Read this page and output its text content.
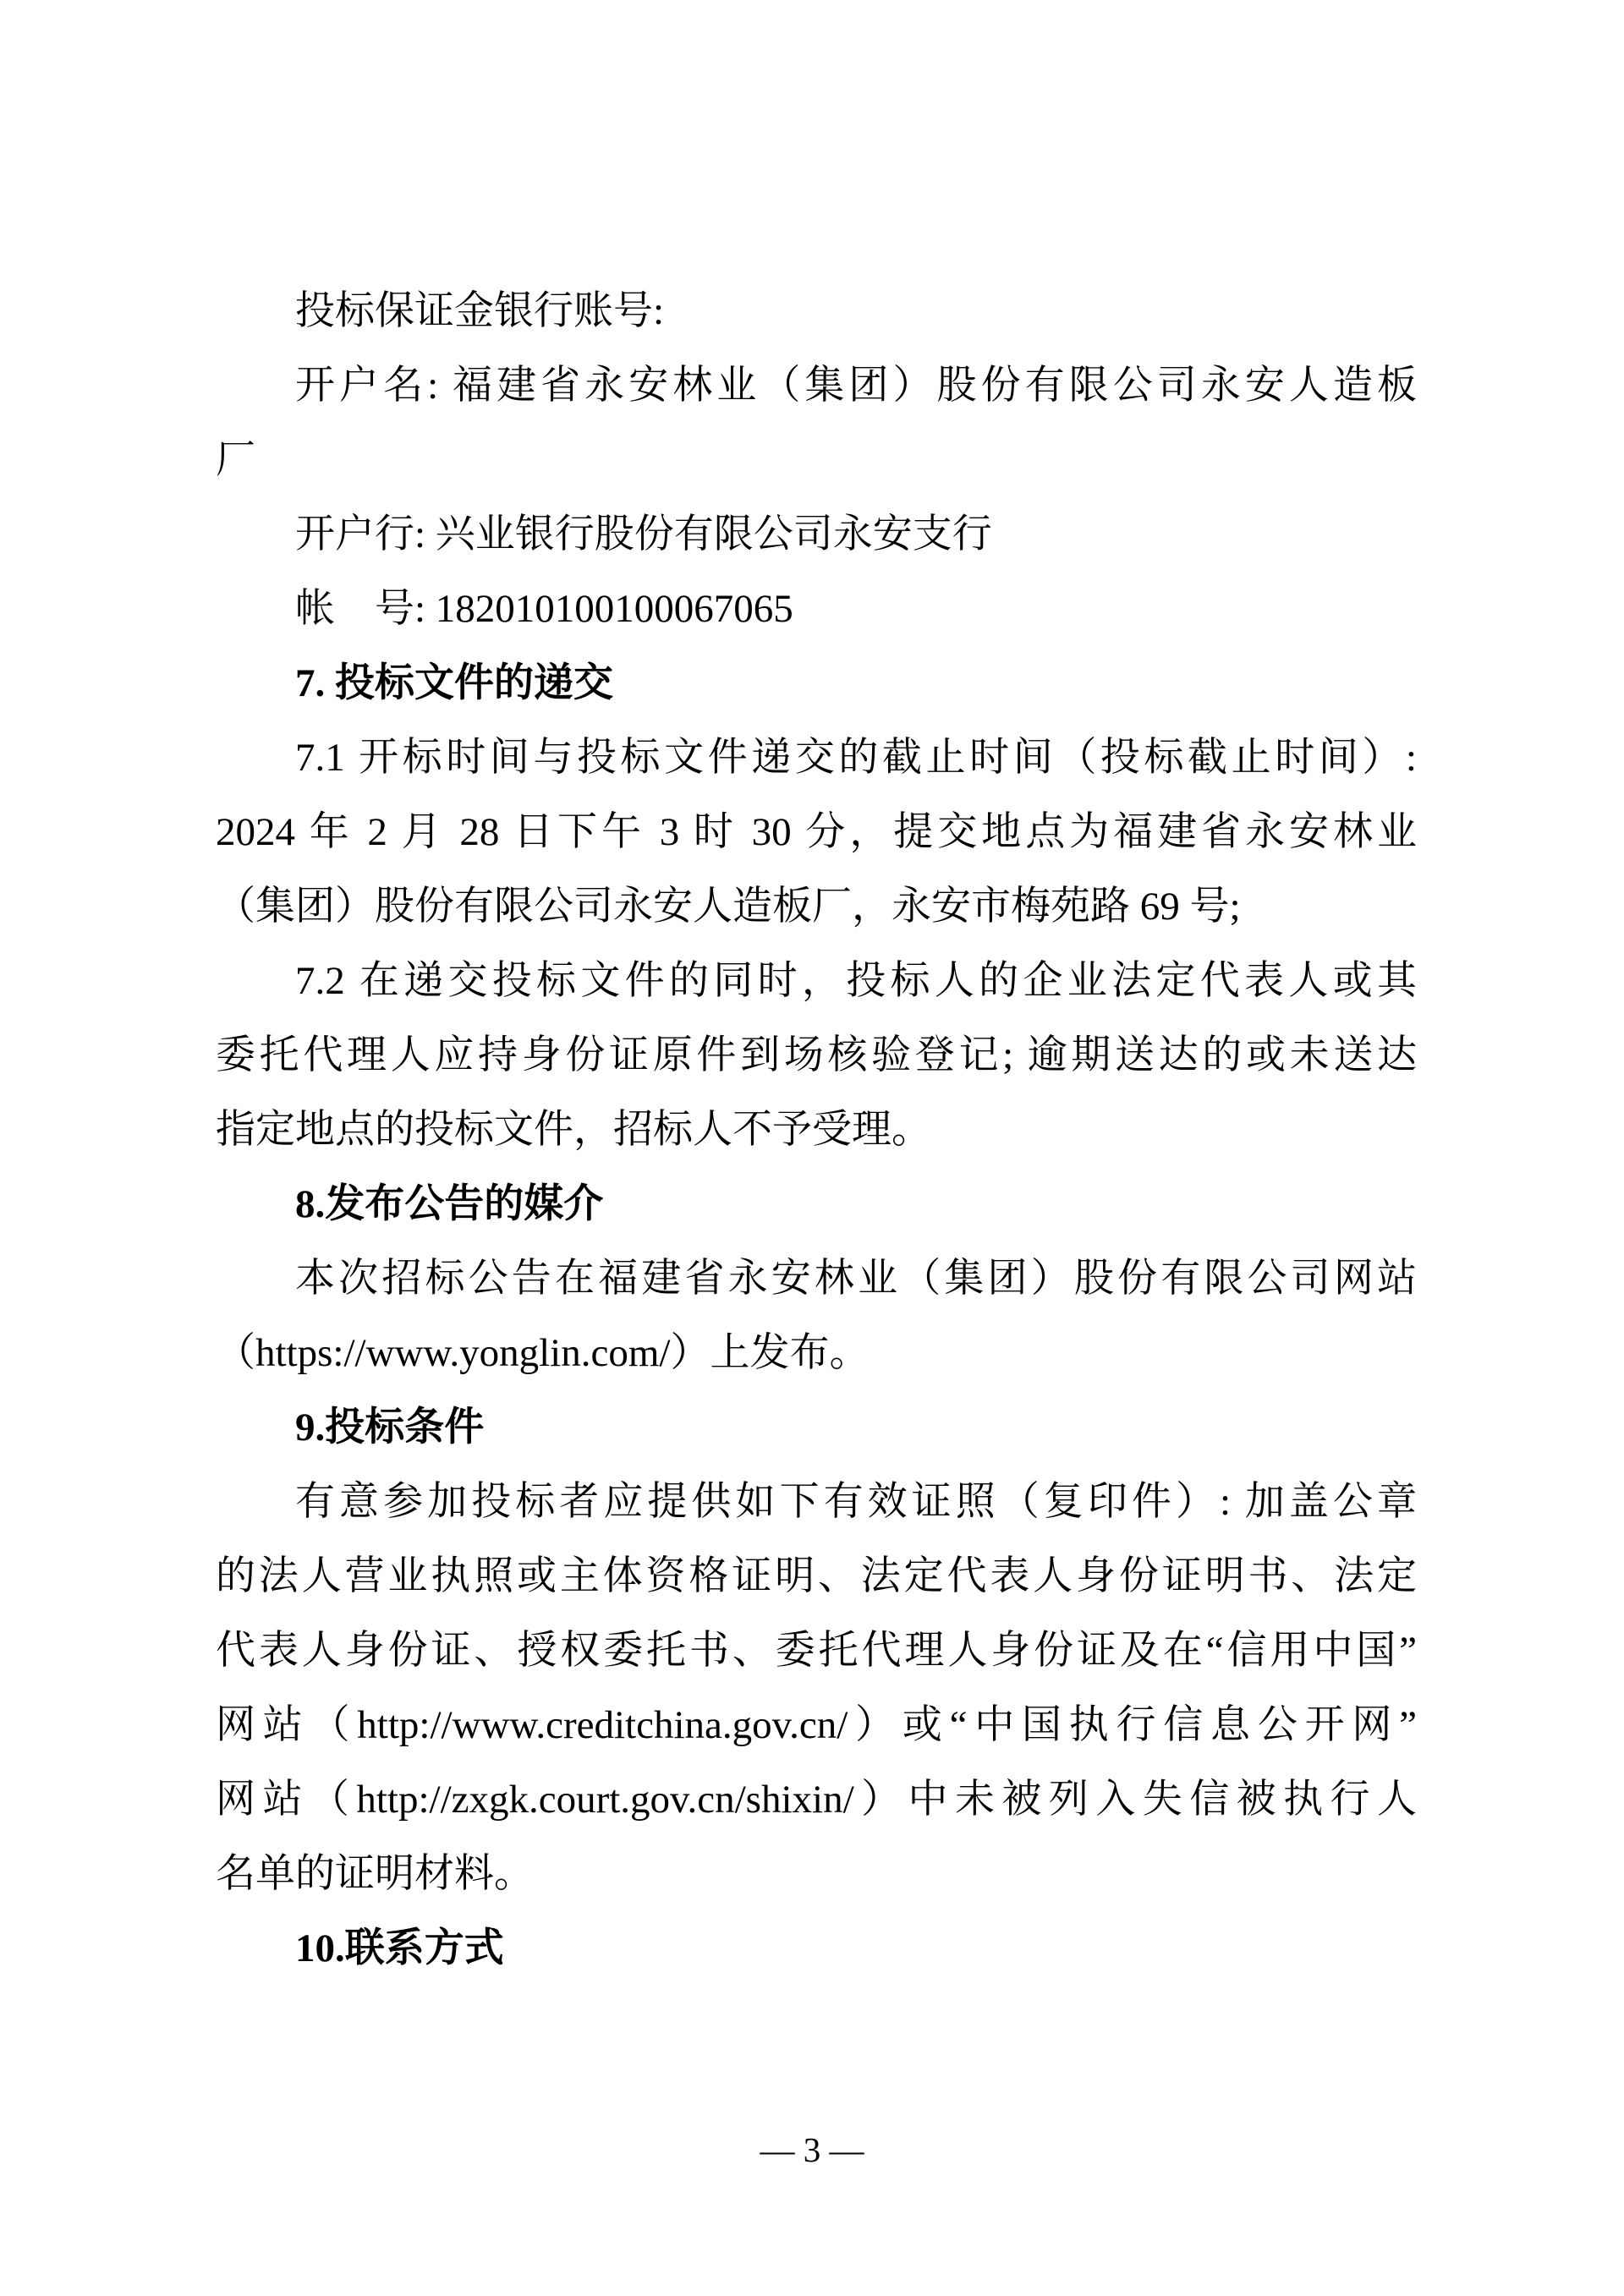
投标保证金银行账号:
开户名: 福建省永安林业（集团）股份有限公司永安人造板
厂
开户行: 兴业银行股份有限公司永安支行
帐　号: 182010100100067065
7. 投标文件的递交
7.1 开标时间与投标文件递交的截止时间（投标截止时间）:
2024 年 2 月 28 日下午 3 时 30 分，提交地点为福建省永安林业
（集团）股份有限公司永安人造板厂，永安市梅苑路 69 号;
7.2 在递交投标文件的同时，投标人的企业法定代表人或其
委托代理人应持身份证原件到场核验登记; 逾期送达的或未送达
指定地点的投标文件，招标人不予受理。
8.发布公告的媒介
本次招标公告在福建省永安林业（集团）股份有限公司网站
（https://www.yonglin.com/）上发布。
9.投标条件
有意参加投标者应提供如下有效证照（复印件）: 加盖公章
的法人营业执照或主体资格证明、法定代表人身份证明书、法定
代表人身份证、授权委托书、委托代理人身份证及在“信用中国”
网站（http://www.creditchina.gov.cn/）或“中国执行信息公开网”
网站（http://zxgk.court.gov.cn/shixin/）中未被列入失信被执行人
名单的证明材料。
10.联系方式
— 3 —
